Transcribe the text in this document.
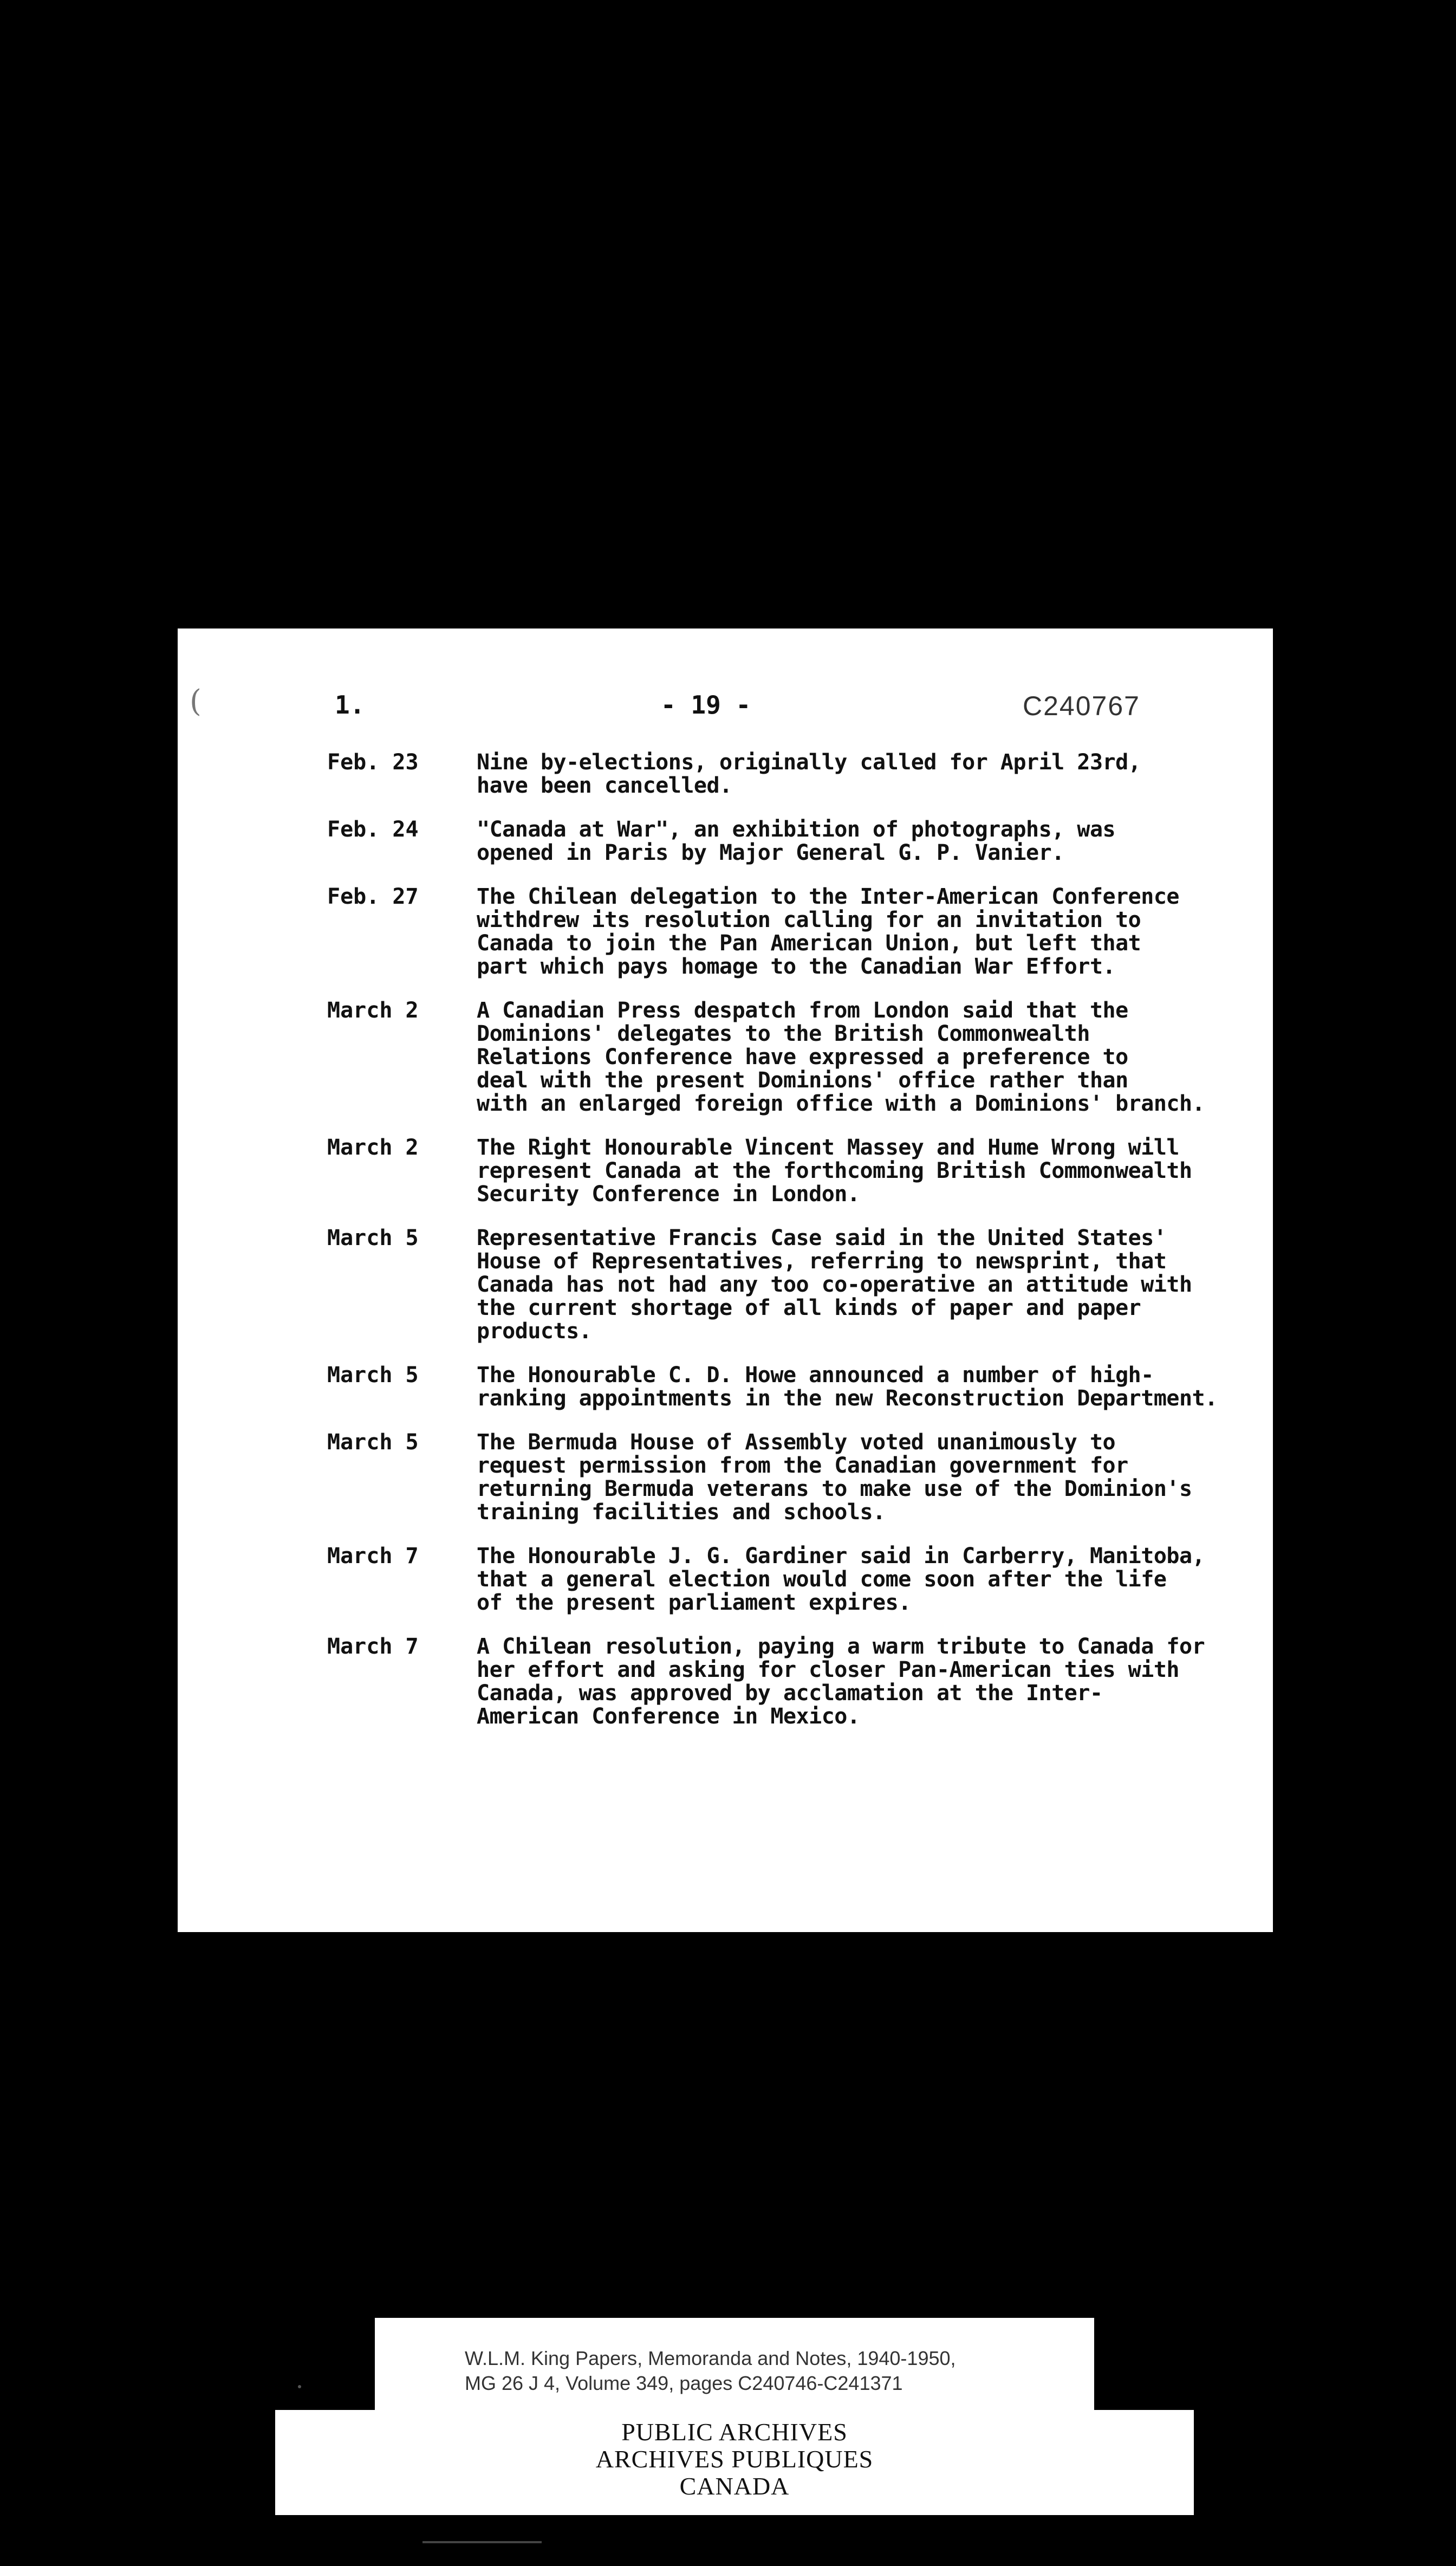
(	1.	- 19 -	C240767
Feb. 23	Nine by-elections, originally called for April 23rd,
have been cancelled.
Feb. 24	"Canada at War", an exhibition of photographs, was
opened in Paris by Major General G. P. Vanier.
Feb. 27	The Chilean delegation to the Inter-American Conference
withdrew its resolution calling for an invitation to
Canada to join the Pan American Union, but left that
part which pays homage to the Canadian War Effort.
March 2	A Canadian Press despatch from London said that the
Dominions' delegates to the British Commonwealth
Relations Conference have expressed a preference to
deal with the present Dominions' office rather than
with an enlarged foreign office with a Dominions' branch.
March 2	The Right Honourable Vincent Massey and Hume Wrong will
represent Canada at the forthcoming British Commonwealth
Security Conference in London.
March 5	Representative Francis Case said in the United States'
House of Representatives, referring to newsprint, that
Canada has not had any too co-operative an attitude with
the current shortage of all kinds of paper and paper
products.
March 5	The Honourable C. D. Howe announced a number of high-
ranking appointments in the new Reconstruction Department.
March 5	The Bermuda House of Assembly voted unanimously to
request permission from the Canadian government for
returning Bermuda veterans to make use of the Dominion's
training facilities and schools.
March 7	The Honourable J. G. Gardiner said in Carberry, Manitoba,
that a general election would come soon after the life
of the present parliament expires.
March 7	A Chilean resolution, paying a warm tribute to Canada for
her effort and asking for closer Pan-American ties with
Canada, was approved by acclamation at the Inter-
American Conference in Mexico.
W.L.M. King Papers, Memoranda and Notes, 1940-1950,
MG 26 J 4, Volume 349, pages C240746-C241371
PUBLIC ARCHIVES
ARCHIVES PUBLIQUES
CANADA
